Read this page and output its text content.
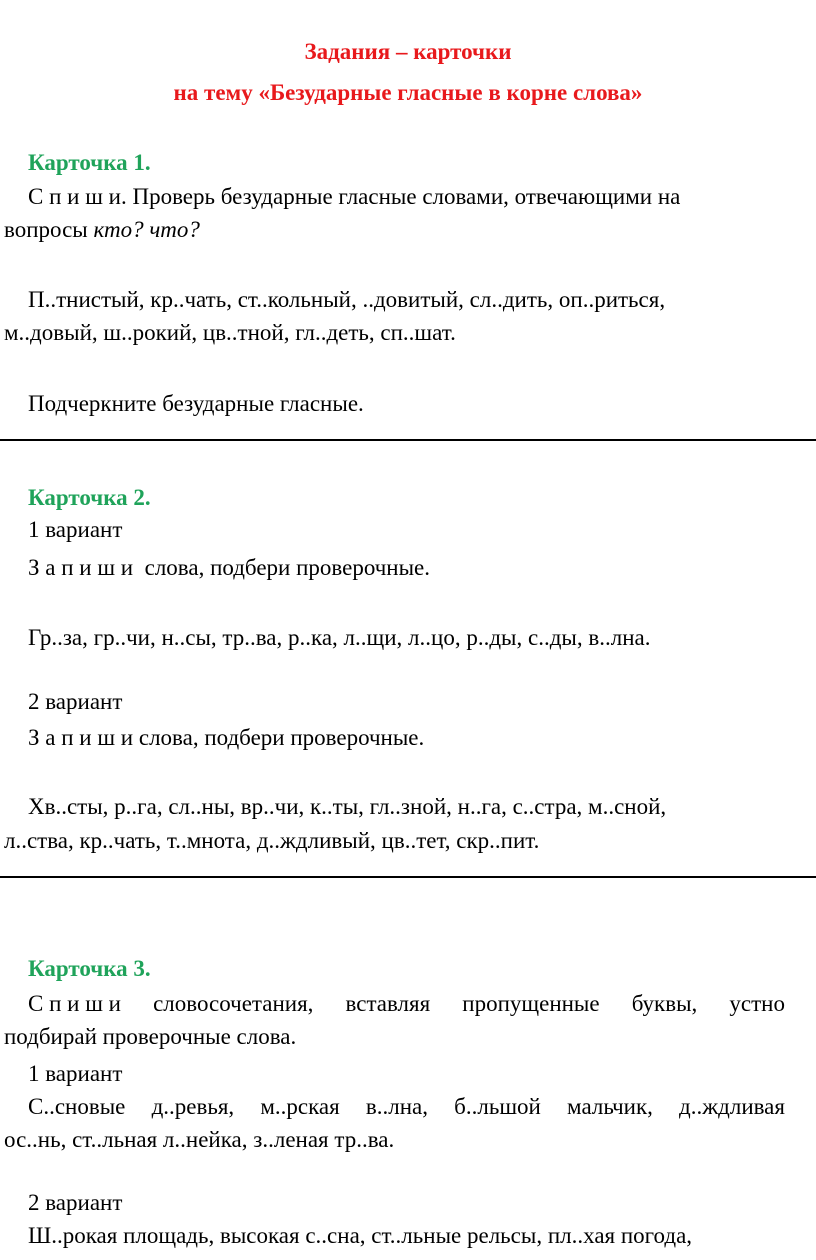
Задания – карточки
на тему «Безударные гласные в корне слова»
Карточка 1.
С п и ш и. Проверь безударные гласные словами, отвечающими на
вопросы кто? что?
П..тнистый, кр..чать, ст..кольный, ..довитый, сл..дить, оп..риться,
м..довый, ш..рокий, цв..тной, гл..деть, сп..шат.
Подчеркните безударные гласные.
Карточка 2.
1 вариант
З а п и ш и  слова, подбери проверочные.
Гр..за, гр..чи, н..сы, тр..ва, р..ка, л..щи, л..цо, р..ды, с..ды, в..лна.
2 вариант
З а п и ш и слова, подбери проверочные.
Хв..сты, р..га, сл..ны, вр..чи, к..ты, гл..зной, н..га, с..стра, м..сной,
л..ства, кр..чать, т..мнота, д..ждливый, цв..тет, скр..пит.
Карточка 3.
С п и ш и словосочетания, вставляя пропущенные буквы, устно
подбирай проверочные слова.
1 вариант
С..сновые д..ревья, м..рская в..лна, б..льшой мальчик, д..ждливая
ос..нь, ст..льная л..нейка, з..леная тр..ва.
2 вариант
Ш..рокая площадь, высокая с..сна, ст..льные рельсы, пл..хая погода,
